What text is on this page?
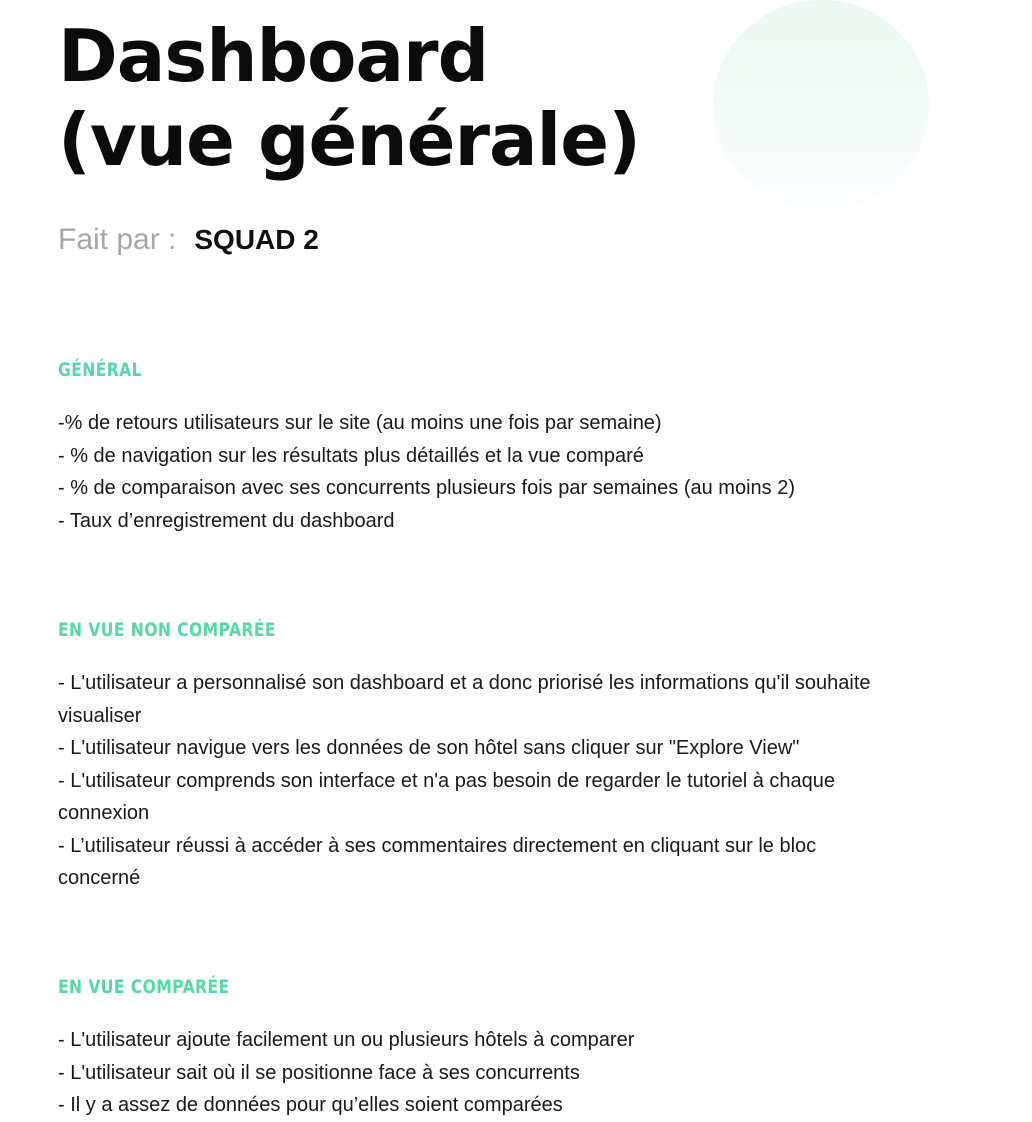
Dashboard
(vue générale)
Fait par : SQUAD 2
GÉNÉRAL
-% de retours utilisateurs sur le site (au moins une fois par semaine)
- % de navigation sur les résultats plus détaillés et la vue comparé
- % de comparaison avec ses concurrents plusieurs fois par semaines (au moins 2)
- Taux d’enregistrement du dashboard
EN VUE NON COMPARÉE
- L'utilisateur a personnalisé son dashboard et a donc priorisé les informations qu'il souhaite visualiser
- L'utilisateur navigue vers les données de son hôtel sans cliquer sur "Explore View"
- L'utilisateur comprends son interface et n'a pas besoin de regarder le tutoriel à chaque connexion
- L’utilisateur réussi à accéder à ses commentaires directement en cliquant sur le bloc concerné
EN VUE COMPARÉE
- L'utilisateur ajoute facilement un ou plusieurs hôtels à comparer
- L'utilisateur sait où il se positionne face à ses concurrents
- Il y a assez de données pour qu’elles soient comparées
